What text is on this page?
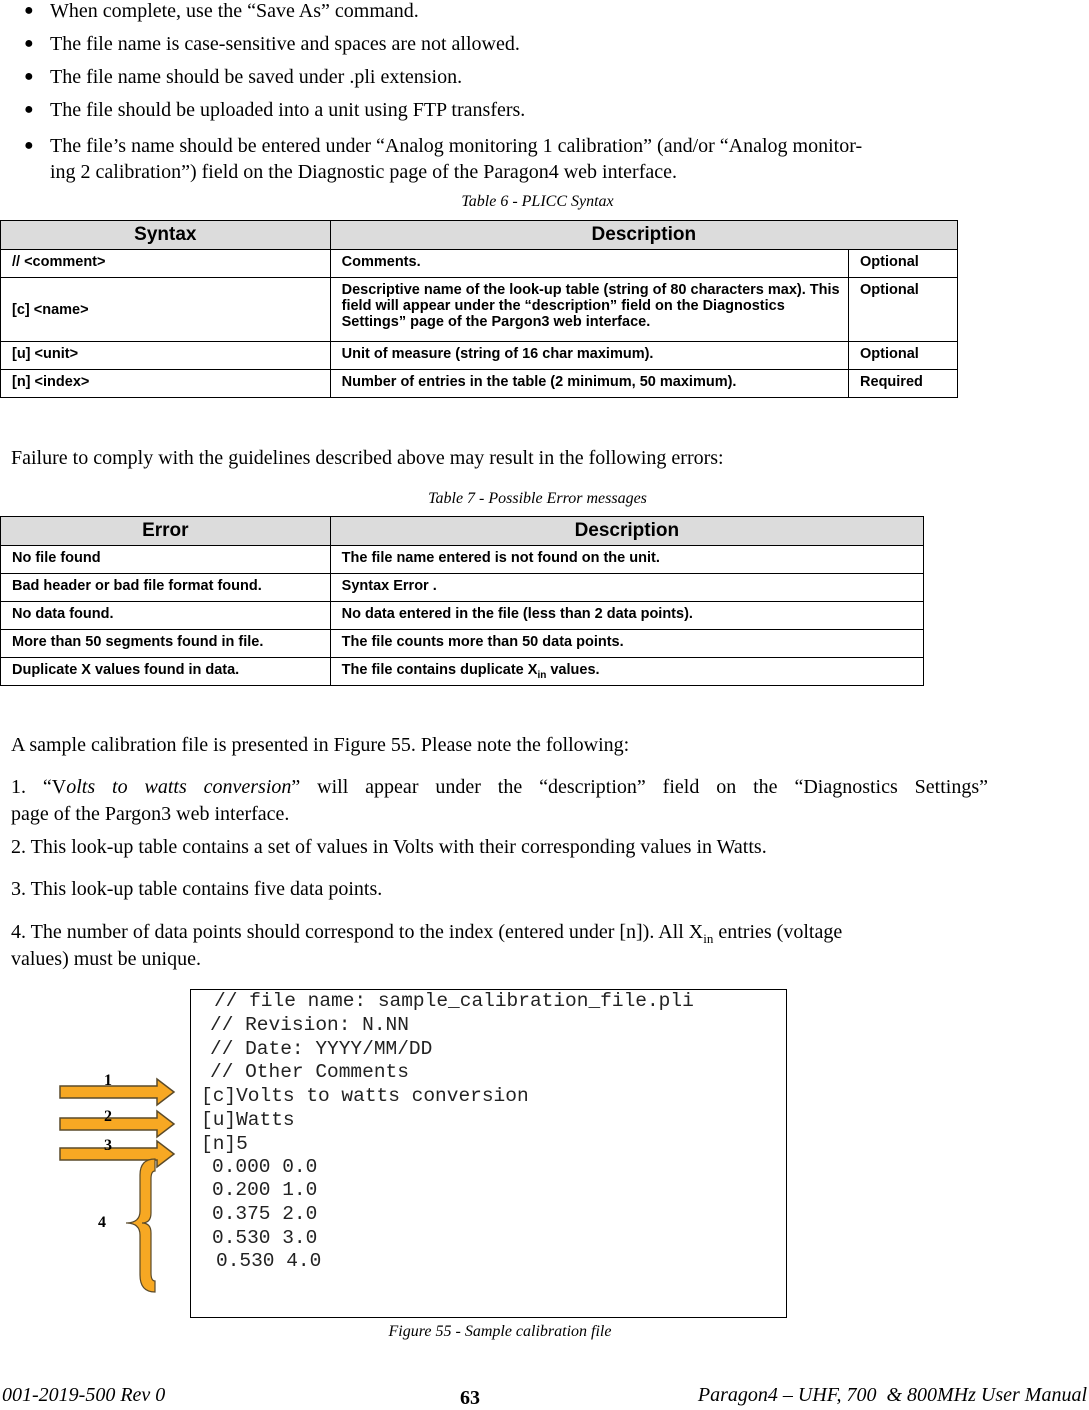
● When complete, use the “Save As” command.
● The file name is case-sensitive and spaces are not allowed.
● The file name should be saved under .pli extension.
● The file should be uploaded into a unit using FTP transfers.
● The file’s name should be entered under “Analog monitoring 1 calibration” (and/or “Analog monitor-
ing 2 calibration”) field on the Diagnostic page of the Paragon4 web interface.
Table 6 - PLICC Syntax
Syntax	Description	
// <comment>	Comments.	Optional
[c] <name>	Descriptive name of the look-up table (string of 80 characters max). This field will appear under the “description” field on the Diagnostics Settings” page of the Pargon3 web interface.	Optional
[u] <unit>	Unit of measure (string of 16 char maximum).	Optional
[n] <index>	Number of entries in the table (2 minimum, 50 maximum).	Required
Failure to comply with the guidelines described above may result in the following errors:
Table 7 - Possible Error messages
Error	Description
No file found	The file name entered is not found on the unit.
Bad header or bad file format found.	Syntax Error .
No data found.	No data entered in the file (less than 2 data points).
More than 50 segments found in file.	The file counts more than 50 data points.
Duplicate X values found in data.	The file contains duplicate $X_{in}$ values.
A sample calibration file is presented in Figure 55. Please note the following:
1. “Volts to watts conversion” will appear under the “description” field on the “Diagnostics Settings”
page of the Pargon3 web interface.
2. This look-up table contains a set of values in Volts with their corresponding values in Watts.
3. This look-up table contains five data points.
4. The number of data points should correspond to the index (entered under [n]). All $X_{in}$ entries (voltage
values) must be unique.
1
2
3
4
// file name: sample_calibration_file.pli
// Revision: N.NN
// Date: YYYY/MM/DD
// Other Comments
[c]Volts to watts conversion
[u]Watts
[n]5
0.000 0.0
0.200 1.0
0.375 2.0
0.530 3.0
0.530 4.0
Figure 55 - Sample calibration file
001-2019-500 Rev 0	63	Paragon4 – UHF, 700  & 800MHz User Manual
